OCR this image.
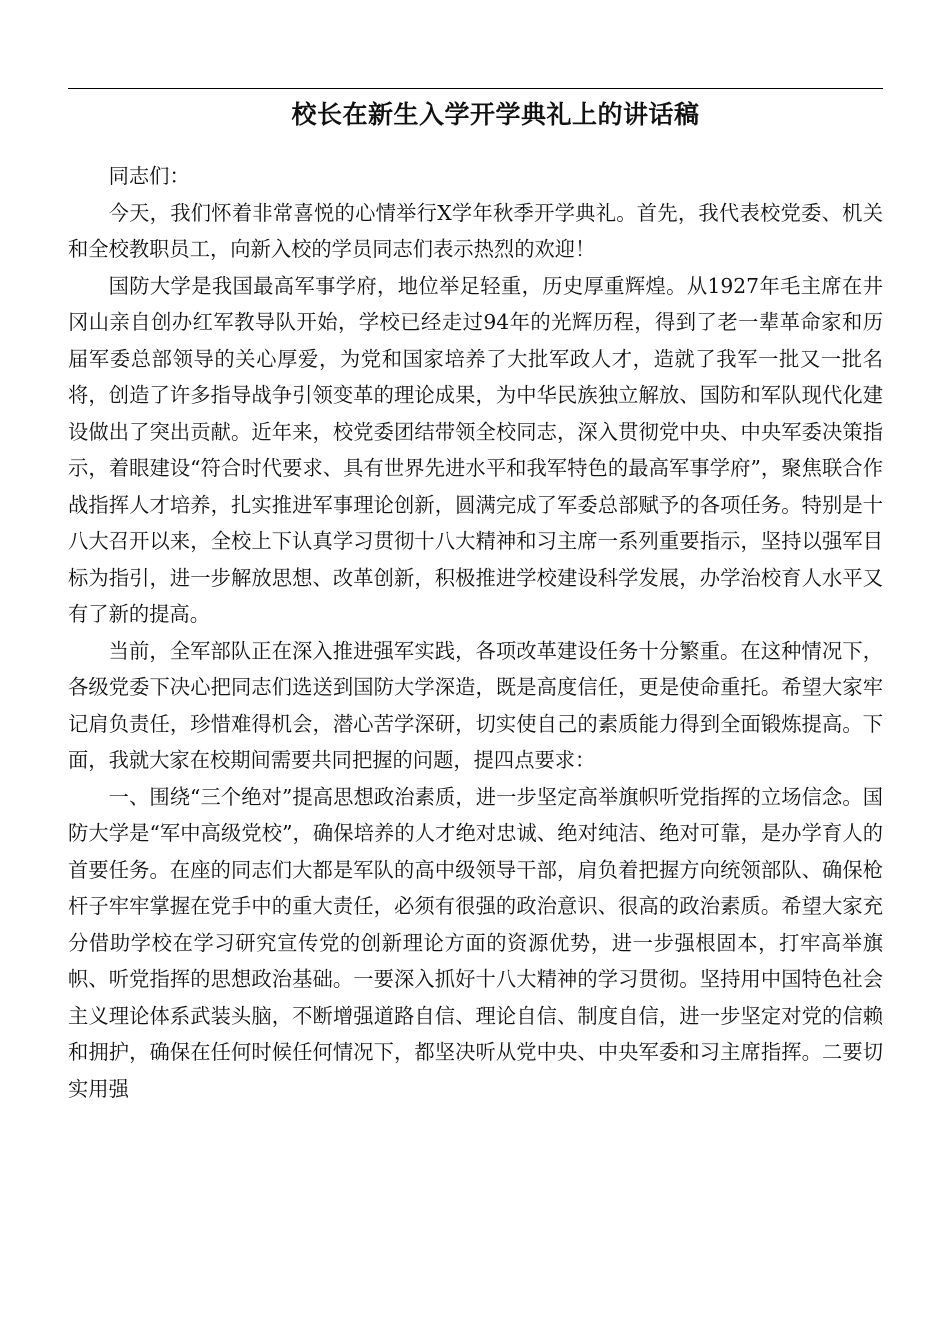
校长在新生入学开学典礼上的讲话稿

同志们：

今天，我们怀着非常喜悦的心情举行X学年秋季开学典礼。首先，我代表校党委、机关和全校教职员工，向新入校的学员同志们表示热烈的欢迎！

国防大学是我国最高军事学府，地位举足轻重，历史厚重辉煌。从1927年毛主席在井冈山亲自创办红军教导队开始，学校已经走过94年的光辉历程，得到了老一辈革命家和历届军委总部领导的关心厚爱，为党和国家培养了大批军政人才，造就了我军一批又一批名将，创造了许多指导战争引领变革的理论成果，为中华民族独立解放、国防和军队现代化建设做出了突出贡献。近年来，校党委团结带领全校同志，深入贯彻党中央、中央军委决策指示，着眼建设“符合时代要求、具有世界先进水平和我军特色的最高军事学府”，聚焦联合作战指挥人才培养，扎实推进军事理论创新，圆满完成了军委总部赋予的各项任务。特别是十八大召开以来，全校上下认真学习贯彻十八大精神和习主席一系列重要指示，坚持以强军目标为指引，进一步解放思想、改革创新，积极推进学校建设科学发展，办学治校育人水平又有了新的提高。

当前，全军部队正在深入推进强军实践，各项改革建设任务十分繁重。在这种情况下，各级党委下决心把同志们选送到国防大学深造，既是高度信任，更是使命重托。希望大家牢记肩负责任，珍惜难得机会，潜心苦学深研，切实使自己的素质能力得到全面锻炼提高。下面，我就大家在校期间需要共同把握的问题，提四点要求：

一、围绕“三个绝对”提高思想政治素质，进一步坚定高举旗帜听党指挥的立场信念。国防大学是“军中高级党校”，确保培养的人才绝对忠诚、绝对纯洁、绝对可靠，是办学育人的首要任务。在座的同志们大都是军队的高中级领导干部，肩负着把握方向统领部队、确保枪杆子牢牢掌握在党手中的重大责任，必须有很强的政治意识、很高的政治素质。希望大家充分借助学校在学习研究宣传党的创新理论方面的资源优势，进一步强根固本，打牢高举旗帜、听党指挥的思想政治基础。一要深入抓好十八大精神的学习贯彻。坚持用中国特色社会主义理论体系武装头脑，不断增强道路自信、理论自信、制度自信，进一步坚定对党的信赖和拥护，确保在任何时候任何情况下，都坚决听从党中央、中央军委和习主席指挥。二要切实用强
